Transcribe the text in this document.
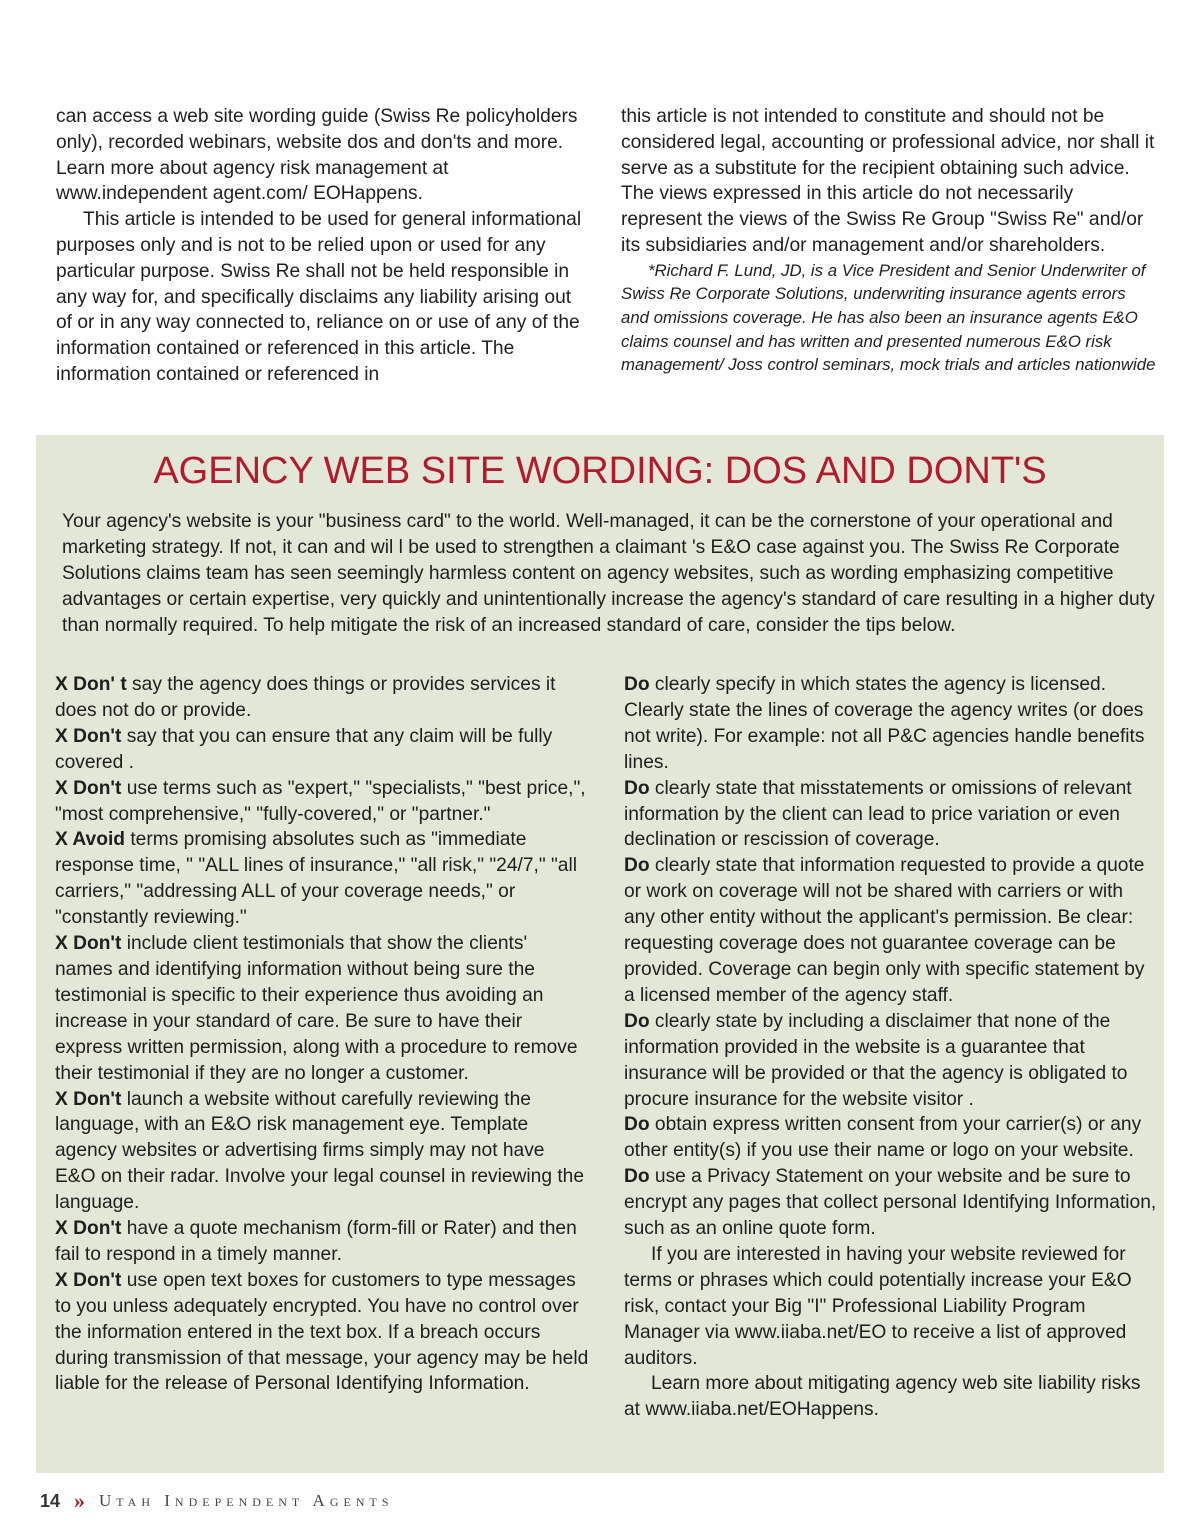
can access a web site wording guide (Swiss Re policyholders only), recorded webinars, website dos and don'ts and more. Learn more about agency risk management at www.independent agent.com/ EOHappens.

This article is intended to be used for general informational purposes only and is not to be relied upon or used for any particular purpose. Swiss Re shall not be held responsible in any way for, and specifically disclaims any liability arising out of or in any way connected to, reliance on or use of any of the information contained or referenced in this article. The information contained or referenced in

this article is not intended to constitute and should not be considered legal, accounting or professional advice, nor shall it serve as a substitute for the recipient obtaining such advice. The views expressed in this article do not necessarily represent the views of the Swiss Re Group "Swiss Re" and/or its subsidiaries and/or management and/or shareholders.

*Richard F. Lund, JD, is a Vice President and Senior Underwriter of Swiss Re Corporate Solutions, underwriting insurance agents errors and omissions coverage. He has also been an insurance agents E&O claims counsel and has written and presented numerous E&O risk management/ Joss control seminars, mock trials and articles nationwide

AGENCY WEB SITE WORDING: DOS AND DONT'S

Your agency's website is your "business card" to the world. Well-managed, it can be the cornerstone of your operational and marketing strategy. If not, it can and wil l be used to strengthen a claimant 's E&O case against you. The Swiss Re Corporate Solutions claims team has seen seemingly harmless content on agency websites, such as wording emphasizing competitive advantages or certain expertise, very quickly and unintentionally increase the agency's standard of care resulting in a higher duty than normally required. To help mitigate the risk of an increased standard of care, consider the tips below.

X Don' t say the agency does things or provides services it does not do or provide.

X Don't say that you can ensure that any claim will be fully covered .

X Don't use terms such as "expert," "specialists," "best price,", "most comprehensive," "fully-covered," or "partner."

X Avoid terms promising absolutes such as "immediate response time, " "ALL lines of insurance," "all risk," "24/7," "all carriers," "addressing ALL of your coverage needs," or "constantly reviewing."

X Don't include client testimonials that show the clients' names and identifying information without being sure the testimonial is specific to their experience thus avoiding an increase in your standard of care. Be sure to have their express written permission, along with a procedure to remove their testimonial if they are no longer a customer.

X Don't launch a website without carefully reviewing the language, with an E&O risk management eye. Template agency websites or advertising firms simply may not have E&O on their radar. Involve your legal counsel in reviewing the language.

X Don't have a quote mechanism (form-fill or Rater) and then fail to respond in a timely manner.

X Don't use open text boxes for customers to type messages to you unless adequately encrypted. You have no control over the information entered in the text box. If a breach occurs during transmission of that message, your agency may be held liable for the release of Personal Identifying Information.

Do clearly specify in which states the agency is licensed. Clearly state the lines of coverage the agency writes (or does not write). For example: not all P&C agencies handle benefits lines.

Do clearly state that misstatements or omissions of relevant information by the client can lead to price variation or even declination or rescission of coverage.

Do clearly state that information requested to provide a quote or work on coverage will not be shared with carriers or with any other entity without the applicant's permission. Be clear: requesting coverage does not guarantee coverage can be provided. Coverage can begin only with specific statement by a licensed member of the agency staff.

Do clearly state by including a disclaimer that none of the information provided in the website is a guarantee that insurance will be provided or that the agency is obligated to procure insurance for the website visitor .

Do obtain express written consent from your carrier(s) or any other entity(s) if you use their name or logo on your website.

Do use a Privacy Statement on your website and be sure to encrypt any pages that collect personal Identifying Information, such as an online quote form.

If you are interested in having your website reviewed for terms or phrases which could potentially increase your E&O risk, contact your Big "I" Professional Liability Program Manager via www.iiaba.net/EO to receive a list of approved auditors.

Learn more about mitigating agency web site liability risks at www.iiaba.net/EOHappens.

14 » Utah Independent Agents
